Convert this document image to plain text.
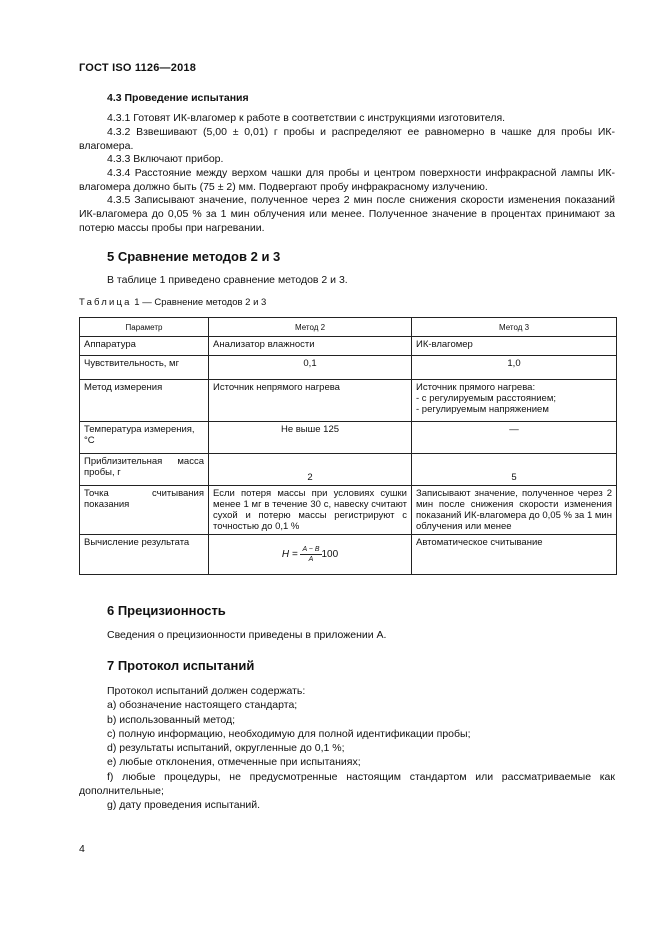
ГОСТ ISO 1126—2018
4.3 Проведение испытания
4.3.1 Готовят ИК-влагомер к работе в соответствии с инструкциями изготовителя.
4.3.2 Взвешивают (5,00 ± 0,01) г пробы и распределяют ее равномерно в чашке для пробы ИК-влагомера.
4.3.3 Включают прибор.
4.3.4 Расстояние между верхом чашки для пробы и центром поверхности инфракрасной лампы ИК-влагомера должно быть (75 ± 2) мм. Подвергают пробу инфракрасному излучению.
4.3.5 Записывают значение, полученное через 2 мин после снижения скорости изменения показаний ИК-влагомера до 0,05 % за 1 мин облучения или менее. Полученное значение в процентах принимают за потерю массы пробы при нагревании.
5 Сравнение методов 2 и 3
В таблице 1 приведено сравнение методов 2 и 3.
Таблица 1 — Сравнение методов 2 и 3
Параметр	Метод 2	Метод 3
Аппаратура	Анализатор влажности	ИК-влагомер
Чувствительность, мг	0,1	1,0
Метод измерения	Источник непрямого нагрева	Источник прямого нагрева:
- с регулируемым расстоянием;
- регулируемым напряжением

Температура измерения, °С	Не выше 125	—
Приблизительная масса пробы, г	2	5
Точка считывания показания	Если потеря массы при условиях сушки менее 1 мг в течение 30 с, навеску считают сухой и потерю массы регистрируют с точностью до 0,1 %	Записывают значение, полученное через 2 мин после снижения скорости изменения показаний ИК-влагомера до 0,05 % за 1 мин облучения или менее
Вычисление результата	$H = \frac{A - B}{A} 100$	Автоматическое считывание
6 Прецизионность
Сведения о прецизионности приведены в приложении А.
7 Протокол испытаний
Протокол испытаний должен содержать:
a) обозначение настоящего стандарта;
b) использованный метод;
c) полную информацию, необходимую для полной идентификации пробы;
d) результаты испытаний, округленные до 0,1 %;
e) любые отклонения, отмеченные при испытаниях;
f) любые процедуры, не предусмотренные настоящим стандартом или рассматриваемые как дополнительные;
g) дату проведения испытаний.
4
